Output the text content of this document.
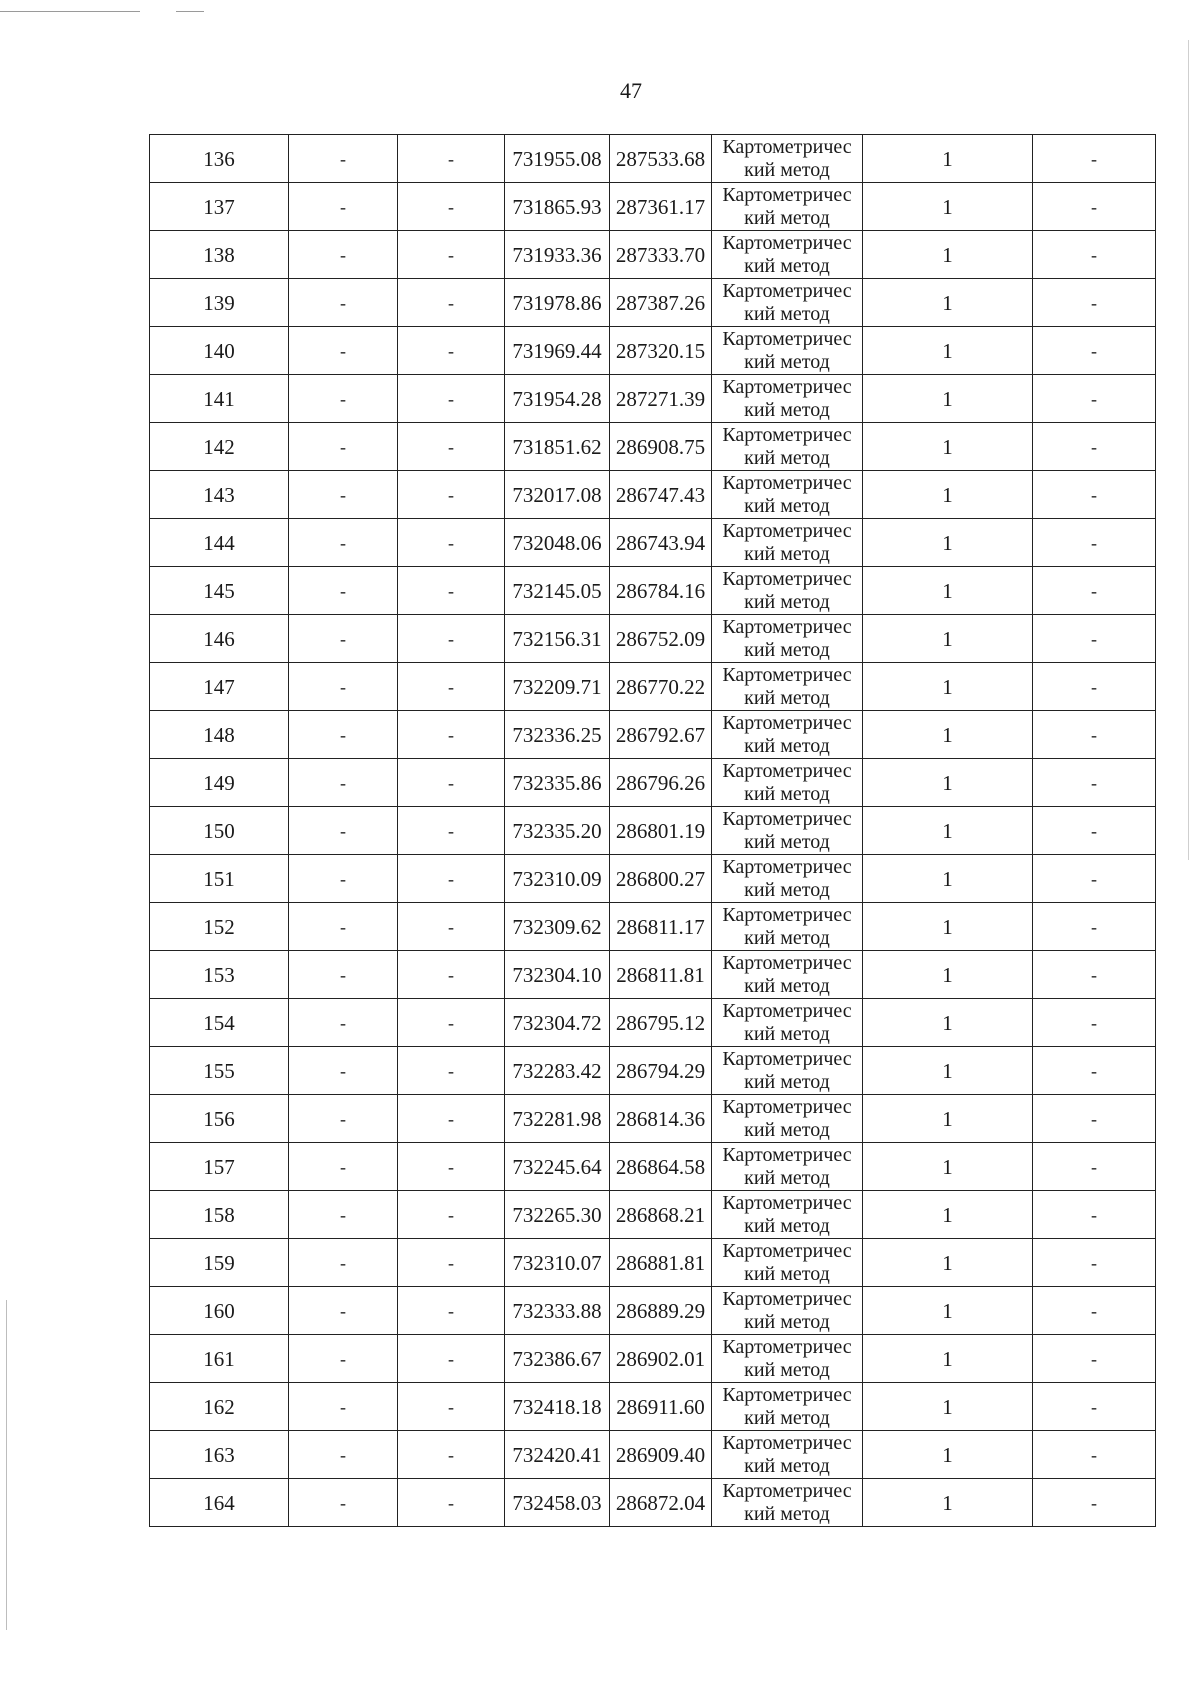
47
136	-	-	731955.08	287533.68	Картометричес
кий метод	1	-
137	-	-	731865.93	287361.17	Картометричес
кий метод	1	-
138	-	-	731933.36	287333.70	Картометричес
кий метод	1	-
139	-	-	731978.86	287387.26	Картометричес
кий метод	1	-
140	-	-	731969.44	287320.15	Картометричес
кий метод	1	-
141	-	-	731954.28	287271.39	Картометричес
кий метод	1	-
142	-	-	731851.62	286908.75	Картометричес
кий метод	1	-
143	-	-	732017.08	286747.43	Картометричес
кий метод	1	-
144	-	-	732048.06	286743.94	Картометричес
кий метод	1	-
145	-	-	732145.05	286784.16	Картометричес
кий метод	1	-
146	-	-	732156.31	286752.09	Картометричес
кий метод	1	-
147	-	-	732209.71	286770.22	Картометричес
кий метод	1	-
148	-	-	732336.25	286792.67	Картометричес
кий метод	1	-
149	-	-	732335.86	286796.26	Картометричес
кий метод	1	-
150	-	-	732335.20	286801.19	Картометричес
кий метод	1	-
151	-	-	732310.09	286800.27	Картометричес
кий метод	1	-
152	-	-	732309.62	286811.17	Картометричес
кий метод	1	-
153	-	-	732304.10	286811.81	Картометричес
кий метод	1	-
154	-	-	732304.72	286795.12	Картометричес
кий метод	1	-
155	-	-	732283.42	286794.29	Картометричес
кий метод	1	-
156	-	-	732281.98	286814.36	Картометричес
кий метод	1	-
157	-	-	732245.64	286864.58	Картометричес
кий метод	1	-
158	-	-	732265.30	286868.21	Картометричес
кий метод	1	-
159	-	-	732310.07	286881.81	Картометричес
кий метод	1	-
160	-	-	732333.88	286889.29	Картометричес
кий метод	1	-
161	-	-	732386.67	286902.01	Картометричес
кий метод	1	-
162	-	-	732418.18	286911.60	Картометричес
кий метод	1	-
163	-	-	732420.41	286909.40	Картометричес
кий метод	1	-
164	-	-	732458.03	286872.04	Картометричес
кий метод	1	-
